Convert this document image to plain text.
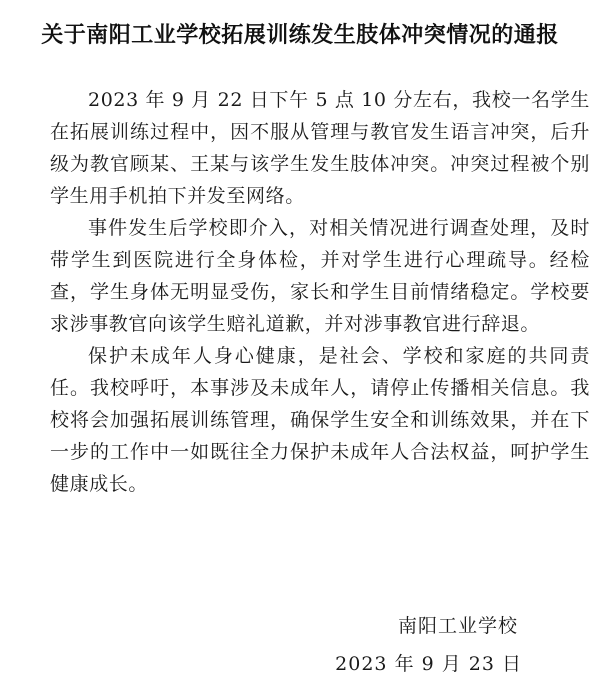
关于南阳工业学校拓展训练发生肢体冲突情况的通报

2023 年 9 月 22 日下午 5 点 10 分左右，我校一名学生在拓展训练过程中，因不服从管理与教官发生语言冲突，后升级为教官顾某、王某与该学生发生肢体冲突。冲突过程被个别学生用手机拍下并发至网络。

事件发生后学校即介入，对相关情况进行调查处理，及时带学生到医院进行全身体检，并对学生进行心理疏导。经检查，学生身体无明显受伤，家长和学生目前情绪稳定。学校要求涉事教官向该学生赔礼道歉，并对涉事教官进行辞退。

保护未成年人身心健康，是社会、学校和家庭的共同责任。我校呼吁，本事涉及未成年人，请停止传播相关信息。我校将会加强拓展训练管理，确保学生安全和训练效果，并在下一步的工作中一如既往全力保护未成年人合法权益，呵护学生健康成长。

南阳工业学校
2023 年 9 月 23 日
